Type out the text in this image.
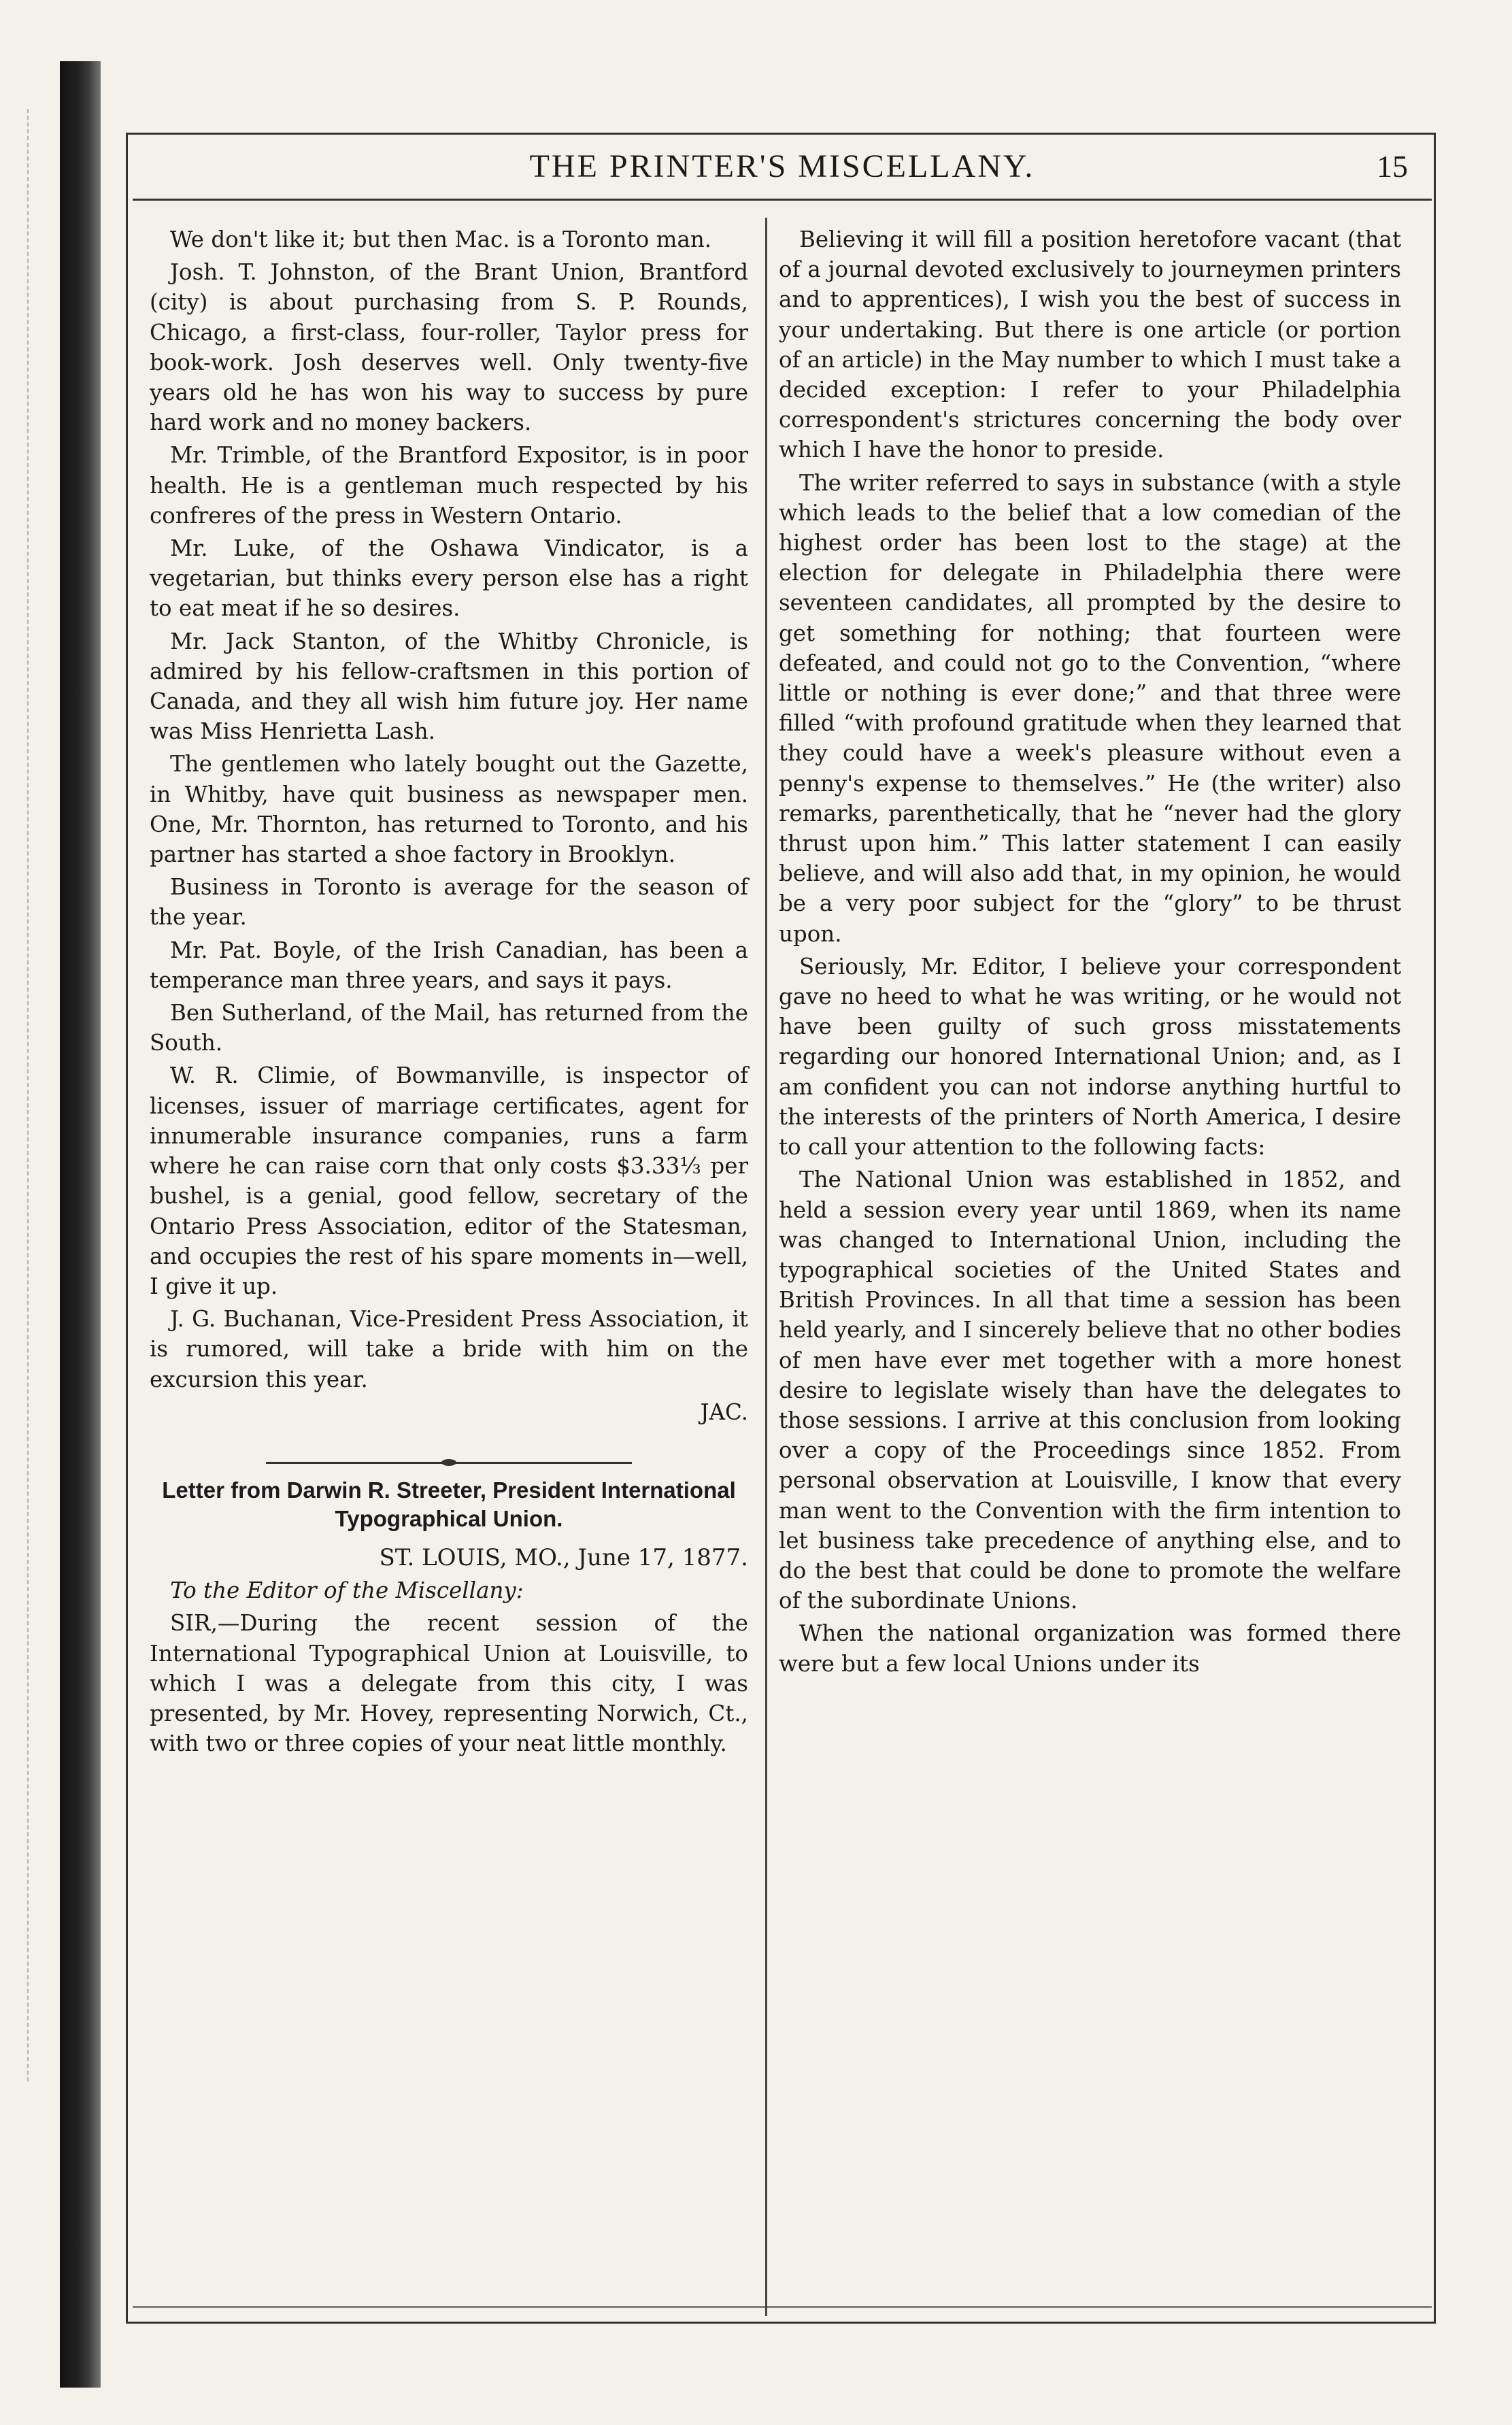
THE PRINTER'S MISCELLANY.	15

We don't like it; but then Mac. is a Toronto man.

Josh. T. Johnston, of the Brant Union, Brantford (city) is about purchasing from S. P. Rounds, Chicago, a first-class, four-roller, Taylor press for book-work. Josh deserves well. Only twenty-five years old he has won his way to success by pure hard work and no money backers.

Mr. Trimble, of the Brantford Expositor, is in poor health. He is a gentleman much respected by his confreres of the press in Western Ontario.

Mr. Luke, of the Oshawa Vindicator, is a vegetarian, but thinks every person else has a right to eat meat if he so desires.

Mr. Jack Stanton, of the Whitby Chronicle, is admired by his fellow-craftsmen in this portion of Canada, and they all wish him future joy. Her name was Miss Henrietta Lash.

The gentlemen who lately bought out the Gazette, in Whitby, have quit business as newspaper men. One, Mr. Thornton, has returned to Toronto, and his partner has started a shoe factory in Brooklyn.

Business in Toronto is average for the season of the year.

Mr. Pat. Boyle, of the Irish Canadian, has been a temperance man three years, and says it pays.

Ben Sutherland, of the Mail, has returned from the South.

W. R. Climie, of Bowmanville, is inspector of licenses, issuer of marriage certificates, agent for innumerable insurance companies, runs a farm where he can raise corn that only costs $3.33⅓ per bushel, is a genial, good fellow, secretary of the Ontario Press Association, editor of the Statesman, and occupies the rest of his spare moments in—well, I give it up.

J. G. Buchanan, Vice-President Press Association, it is rumored, will take a bride with him on the excursion this year.

JAC.

Letter from Darwin R. Streeter, President International Typographical Union.

ST. LOUIS, MO., June 17, 1877.

To the Editor of the Miscellany:

SIR,—During the recent session of the International Typographical Union at Louisville, to which I was a delegate from this city, I was presented, by Mr. Hovey, representing Norwich, Ct., with two or three copies of your neat little monthly.

Believing it will fill a position heretofore vacant (that of a journal devoted exclusively to journeymen printers and to apprentices), I wish you the best of success in your undertaking. But there is one article (or portion of an article) in the May number to which I must take a decided exception: I refer to your Philadelphia correspondent's strictures concerning the body over which I have the honor to preside.

The writer referred to says in substance (with a style which leads to the belief that a low comedian of the highest order has been lost to the stage) at the election for delegate in Philadelphia there were seventeen candidates, all prompted by the desire to get something for nothing; that fourteen were defeated, and could not go to the Convention, “where little or nothing is ever done;” and that three were filled “with profound gratitude when they learned that they could have a week's pleasure without even a penny's expense to themselves.” He (the writer) also remarks, parenthetically, that he “never had the glory thrust upon him.” This latter statement I can easily believe, and will also add that, in my opinion, he would be a very poor subject for the “glory” to be thrust upon.

Seriously, Mr. Editor, I believe your correspondent gave no heed to what he was writing, or he would not have been guilty of such gross misstatements regarding our honored International Union; and, as I am confident you can not indorse anything hurtful to the interests of the printers of North America, I desire to call your attention to the following facts:

The National Union was established in 1852, and held a session every year until 1869, when its name was changed to International Union, including the typographical societies of the United States and British Provinces. In all that time a session has been held yearly, and I sincerely believe that no other bodies of men have ever met together with a more honest desire to legislate wisely than have the delegates to those sessions. I arrive at this conclusion from looking over a copy of the Proceedings since 1852. From personal observation at Louisville, I know that every man went to the Convention with the firm intention to let business take precedence of anything else, and to do the best that could be done to promote the welfare of the subordinate Unions.

When the national organization was formed there were but a few local Unions under its
